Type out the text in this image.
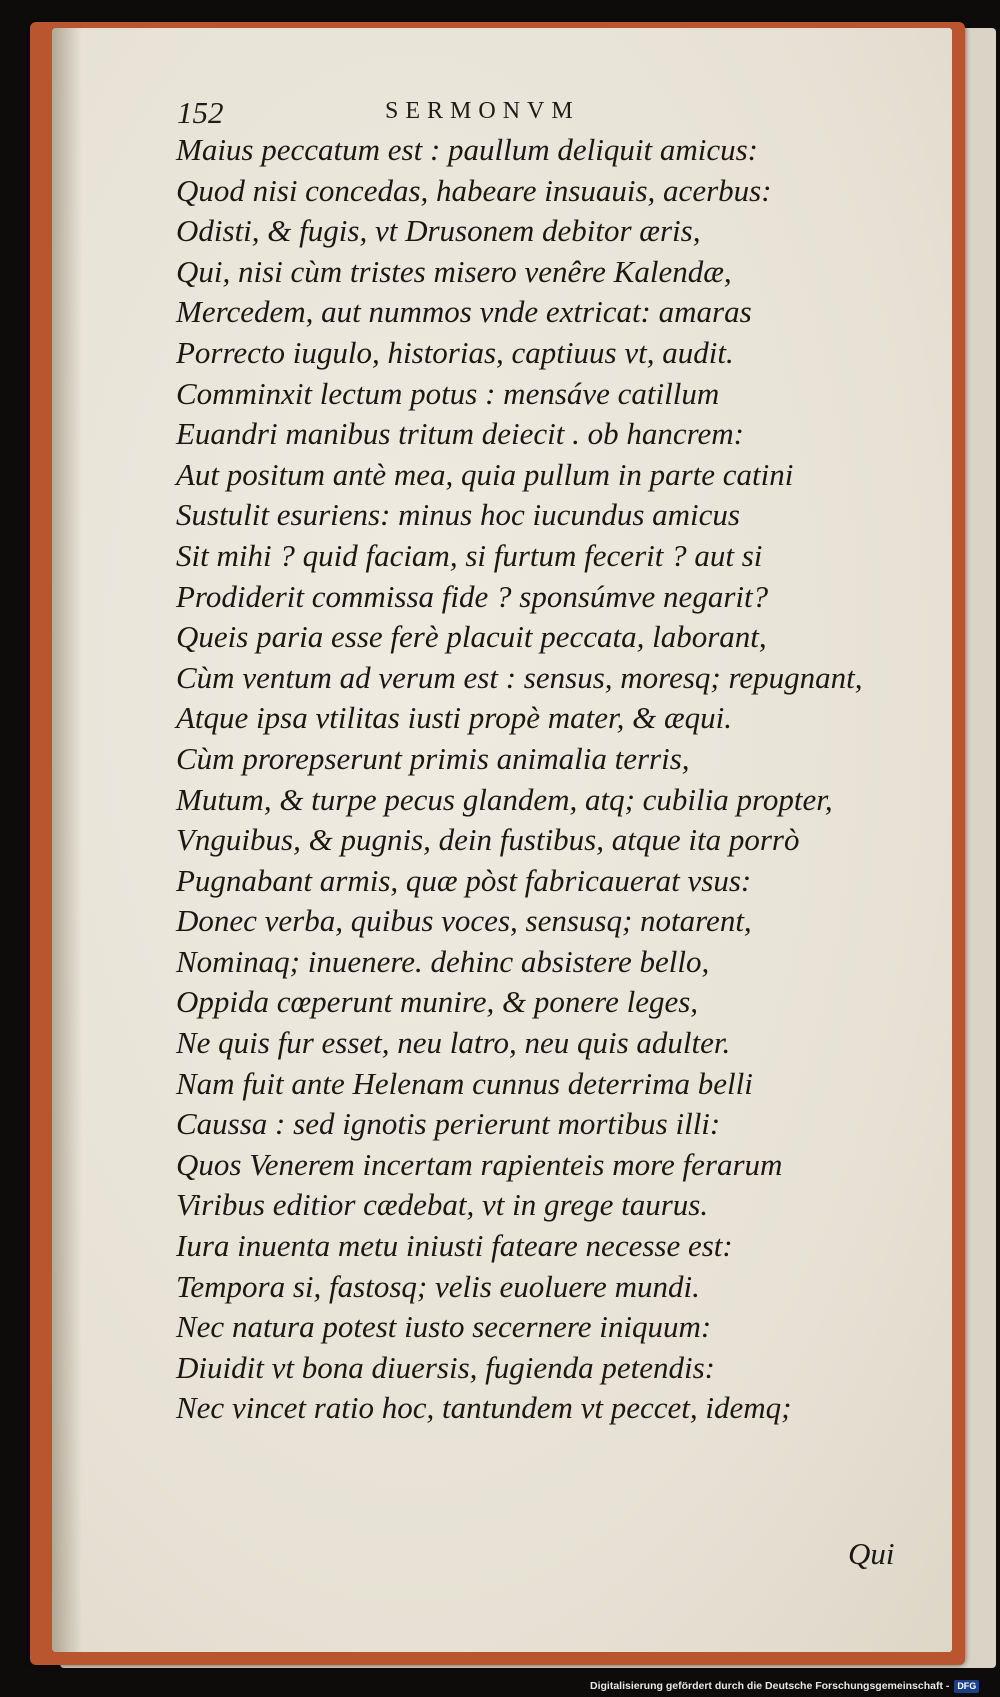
152	SERMONVM
Maius peccatum est : paullum deliquit amicus:
Quod nisi concedas, habeare insuauis, acerbus:
Odisti, & fugis, vt Drusonem debitor æris,
Qui, nisi cùm tristes misero venêre Kalendæ,
Mercedem, aut nummos vnde extricat: amaras
Porrecto iugulo, historias, captiuus vt, audit.
Comminxit lectum potus : mensáve catillum
Euandri manibus tritum deiecit . ob hancrem:
Aut positum antè mea, quia pullum in parte catini
Sustulit esuriens: minus hoc iucundus amicus
Sit mihi ? quid faciam, si furtum fecerit ? aut si
Prodiderit commissa fide ? sponsúmve negarit?
Queis paria esse ferè placuit peccata, laborant,
Cùm ventum ad verum est : sensus, moresq; repugnant,
Atque ipsa vtilitas iusti propè mater, & æqui.
Cùm prorepserunt primis animalia terris,
Mutum, & turpe pecus glandem, atq; cubilia propter,
Vnguibus, & pugnis, dein fustibus, atque ita porrò
Pugnabant armis, quæ pòst fabricauerat vsus:
Donec verba, quibus voces, sensusq; notarent,
Nominaq; inuenere. dehinc absistere bello,
Oppida cœperunt munire, & ponere leges,
Ne quis fur esset, neu latro, neu quis adulter.
Nam fuit ante Helenam cunnus deterrima belli
Caussa : sed ignotis perierunt mortibus illi:
Quos Venerem incertam rapienteis more ferarum
Viribus editior cædebat, vt in grege taurus.
Iura inuenta metu iniusti fateare necesse est:
Tempora si, fastosq; velis euoluere mundi.
Nec natura potest iusto secernere iniquum:
Diuidit vt bona diuersis, fugienda petendis:
Nec vincet ratio hoc, tantundem vt peccet, idemq;
Qui
Digitalisierung gefördert durch die Deutsche Forschungsgemeinschaft - DFG
